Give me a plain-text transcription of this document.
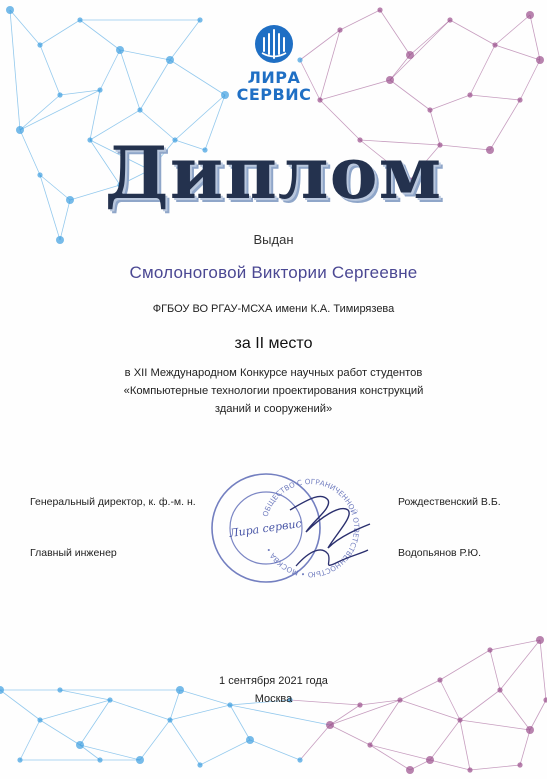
ЛИРА
СЕРВИС
Диплом
Выдан
Смолоноговой Виктории Сергеевне
ФГБОУ ВО РГАУ-МСХА имени К.А. Тимирязева
за II место
в XII Международном Конкурсе научных работ студентов
«Компьютерные технологии проектирования конструкций
зданий и сооружений»
Генеральный директор, к. ф.-м. н.	Рождественский В.Б.
Главный инженер	Водопьянов Р.Ю.
ОБЩЕСТВО С ОГРАНИЧЕННОЙ ОТВЕТСТВЕННОСТЬЮ • МОСКВА •
Лира сервис
1 сентября 2021 года
Москва
